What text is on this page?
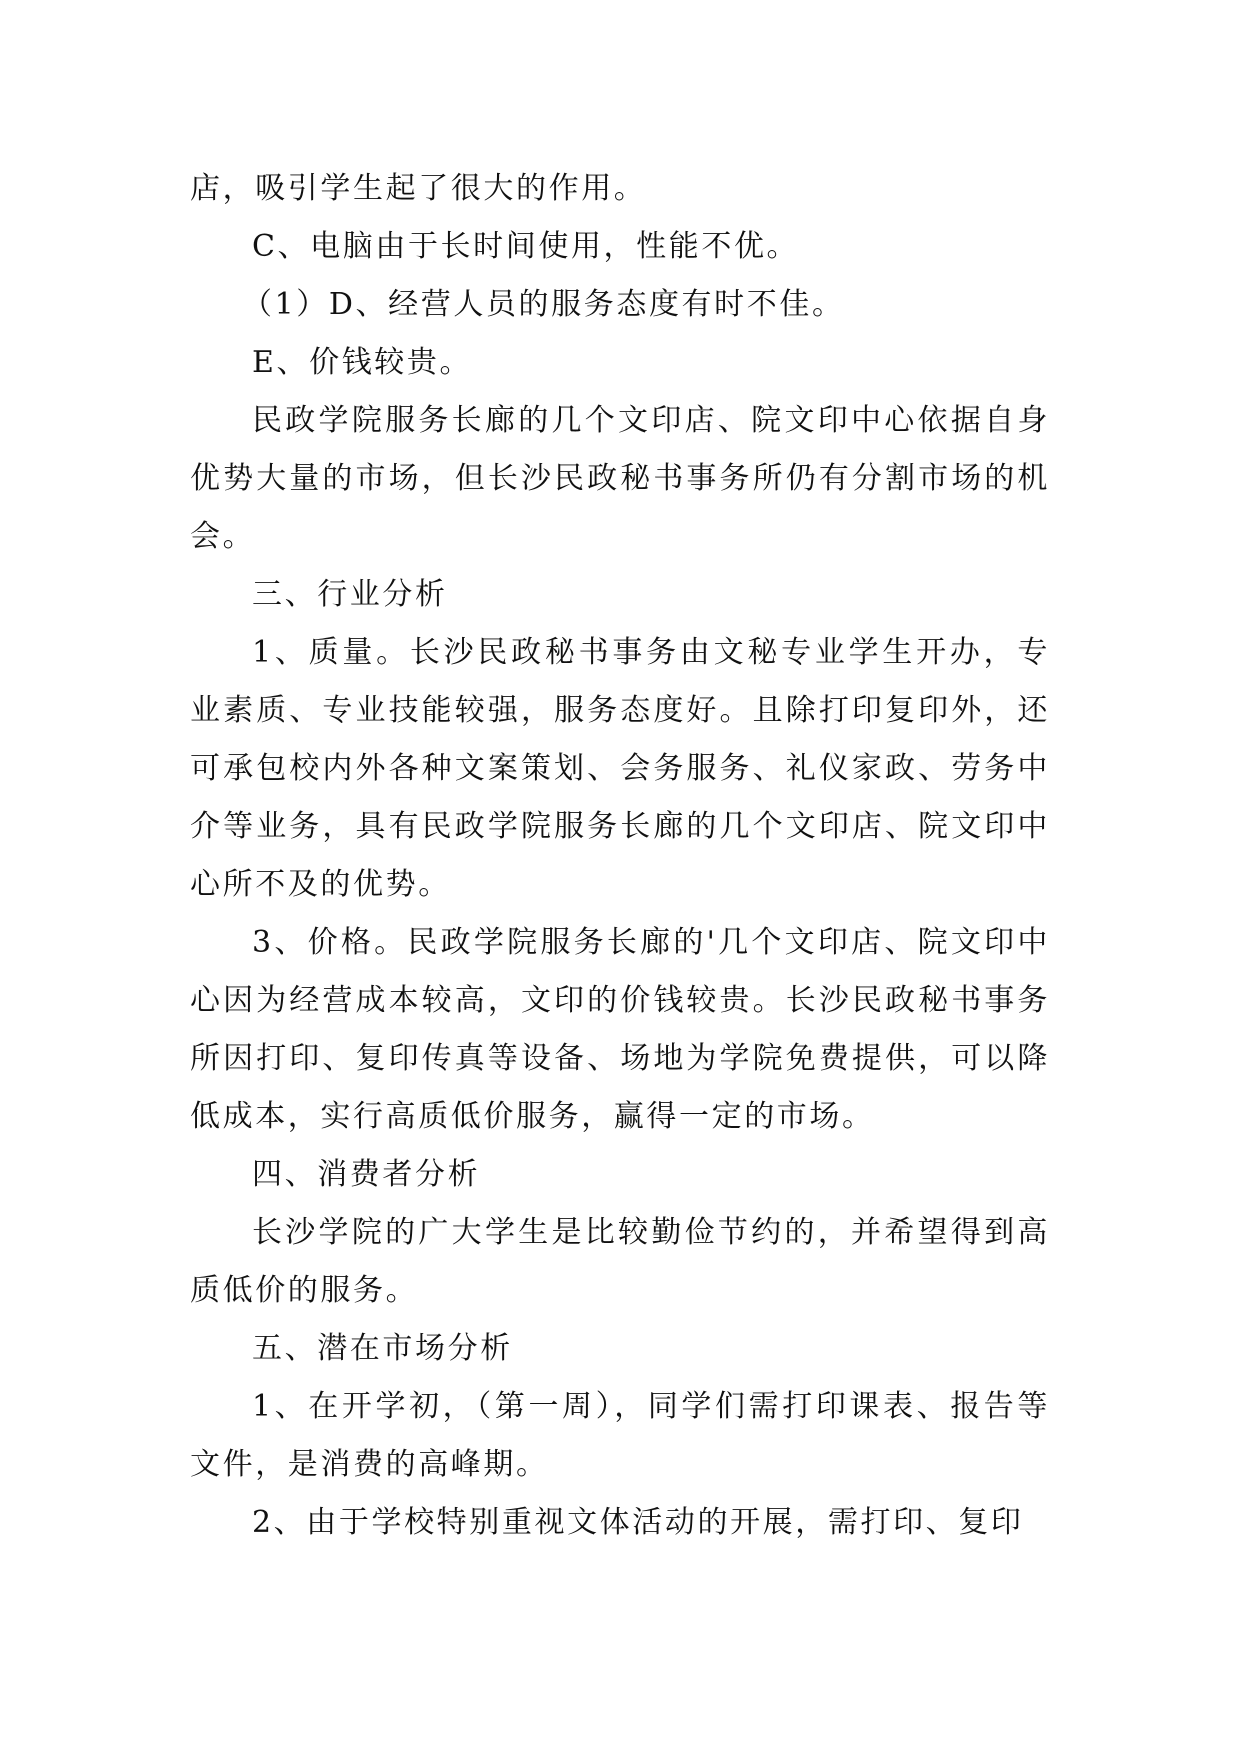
店，吸引学生起了很大的作用。

C、电脑由于长时间使用，性能不优。

（1）D、经营人员的服务态度有时不佳。

E、价钱较贵。

民政学院服务长廊的几个文印店、院文印中心依据自身优势大量的市场，但长沙民政秘书事务所仍有分割市场的机会。

三、行业分析

1、质量。长沙民政秘书事务由文秘专业学生开办，专业素质、专业技能较强，服务态度好。且除打印复印外，还可承包校内外各种文案策划、会务服务、礼仪家政、劳务中介等业务，具有民政学院服务长廊的几个文印店、院文印中心所不及的优势。

3、价格。民政学院服务长廊的'几个文印店、院文印中心因为经营成本较高，文印的价钱较贵。长沙民政秘书事务所因打印、复印传真等设备、场地为学院免费提供，可以降低成本，实行高质低价服务，赢得一定的市场。

四、消费者分析

长沙学院的广大学生是比较勤俭节约的，并希望得到高质低价的服务。

五、潜在市场分析

1、在开学初，（第一周），同学们需打印课表、报告等文件，是消费的高峰期。

2、由于学校特别重视文体活动的开展，需打印、复印
